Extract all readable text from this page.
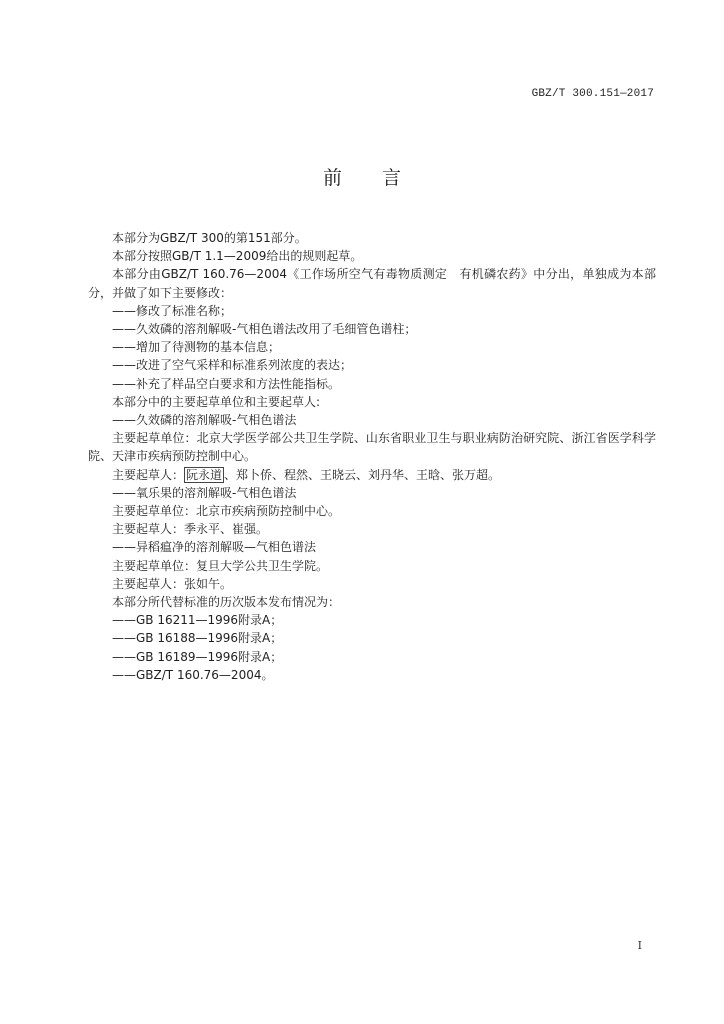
GBZ/T 300.151—2017
前言

本部分为GBZ/T 300的第151部分。

本部分按照GB/T 1.1—2009给出的规则起草。

本部分由GBZ/T 160.76—2004《工作场所空气有毒物质测定　有机磷农药》中分出，单独成为本部分，并做了如下主要修改：

——修改了标准名称；

——久效磷的溶剂解吸-气相色谱法改用了毛细管色谱柱；

——增加了待测物的基本信息；

——改进了空气采样和标准系列浓度的表达；

——补充了样品空白要求和方法性能指标。

本部分中的主要起草单位和主要起草人:

——久效磷的溶剂解吸-气相色谱法

主要起草单位：北京大学医学部公共卫生学院、山东省职业卫生与职业病防治研究院、浙江省医学科学院、天津市疾病预防控制中心。

主要起草人： 阮永道 、郑卜侨、程然、王晓云、刘丹华、王晗、张万超。

——氧乐果的溶剂解吸-气相色谱法

主要起草单位：北京市疾病预防控制中心。

主要起草人：季永平、崔强。

——异稻瘟净的溶剂解吸—气相色谱法

主要起草单位：复旦大学公共卫生学院。

主要起草人：张如午。

本部分所代替标准的历次版本发布情况为：

——GB 16211—1996附录A；

——GB 16188—1996附录A；

——GB 16189—1996附录A；

——GBZ/T 160.76—2004。

I
